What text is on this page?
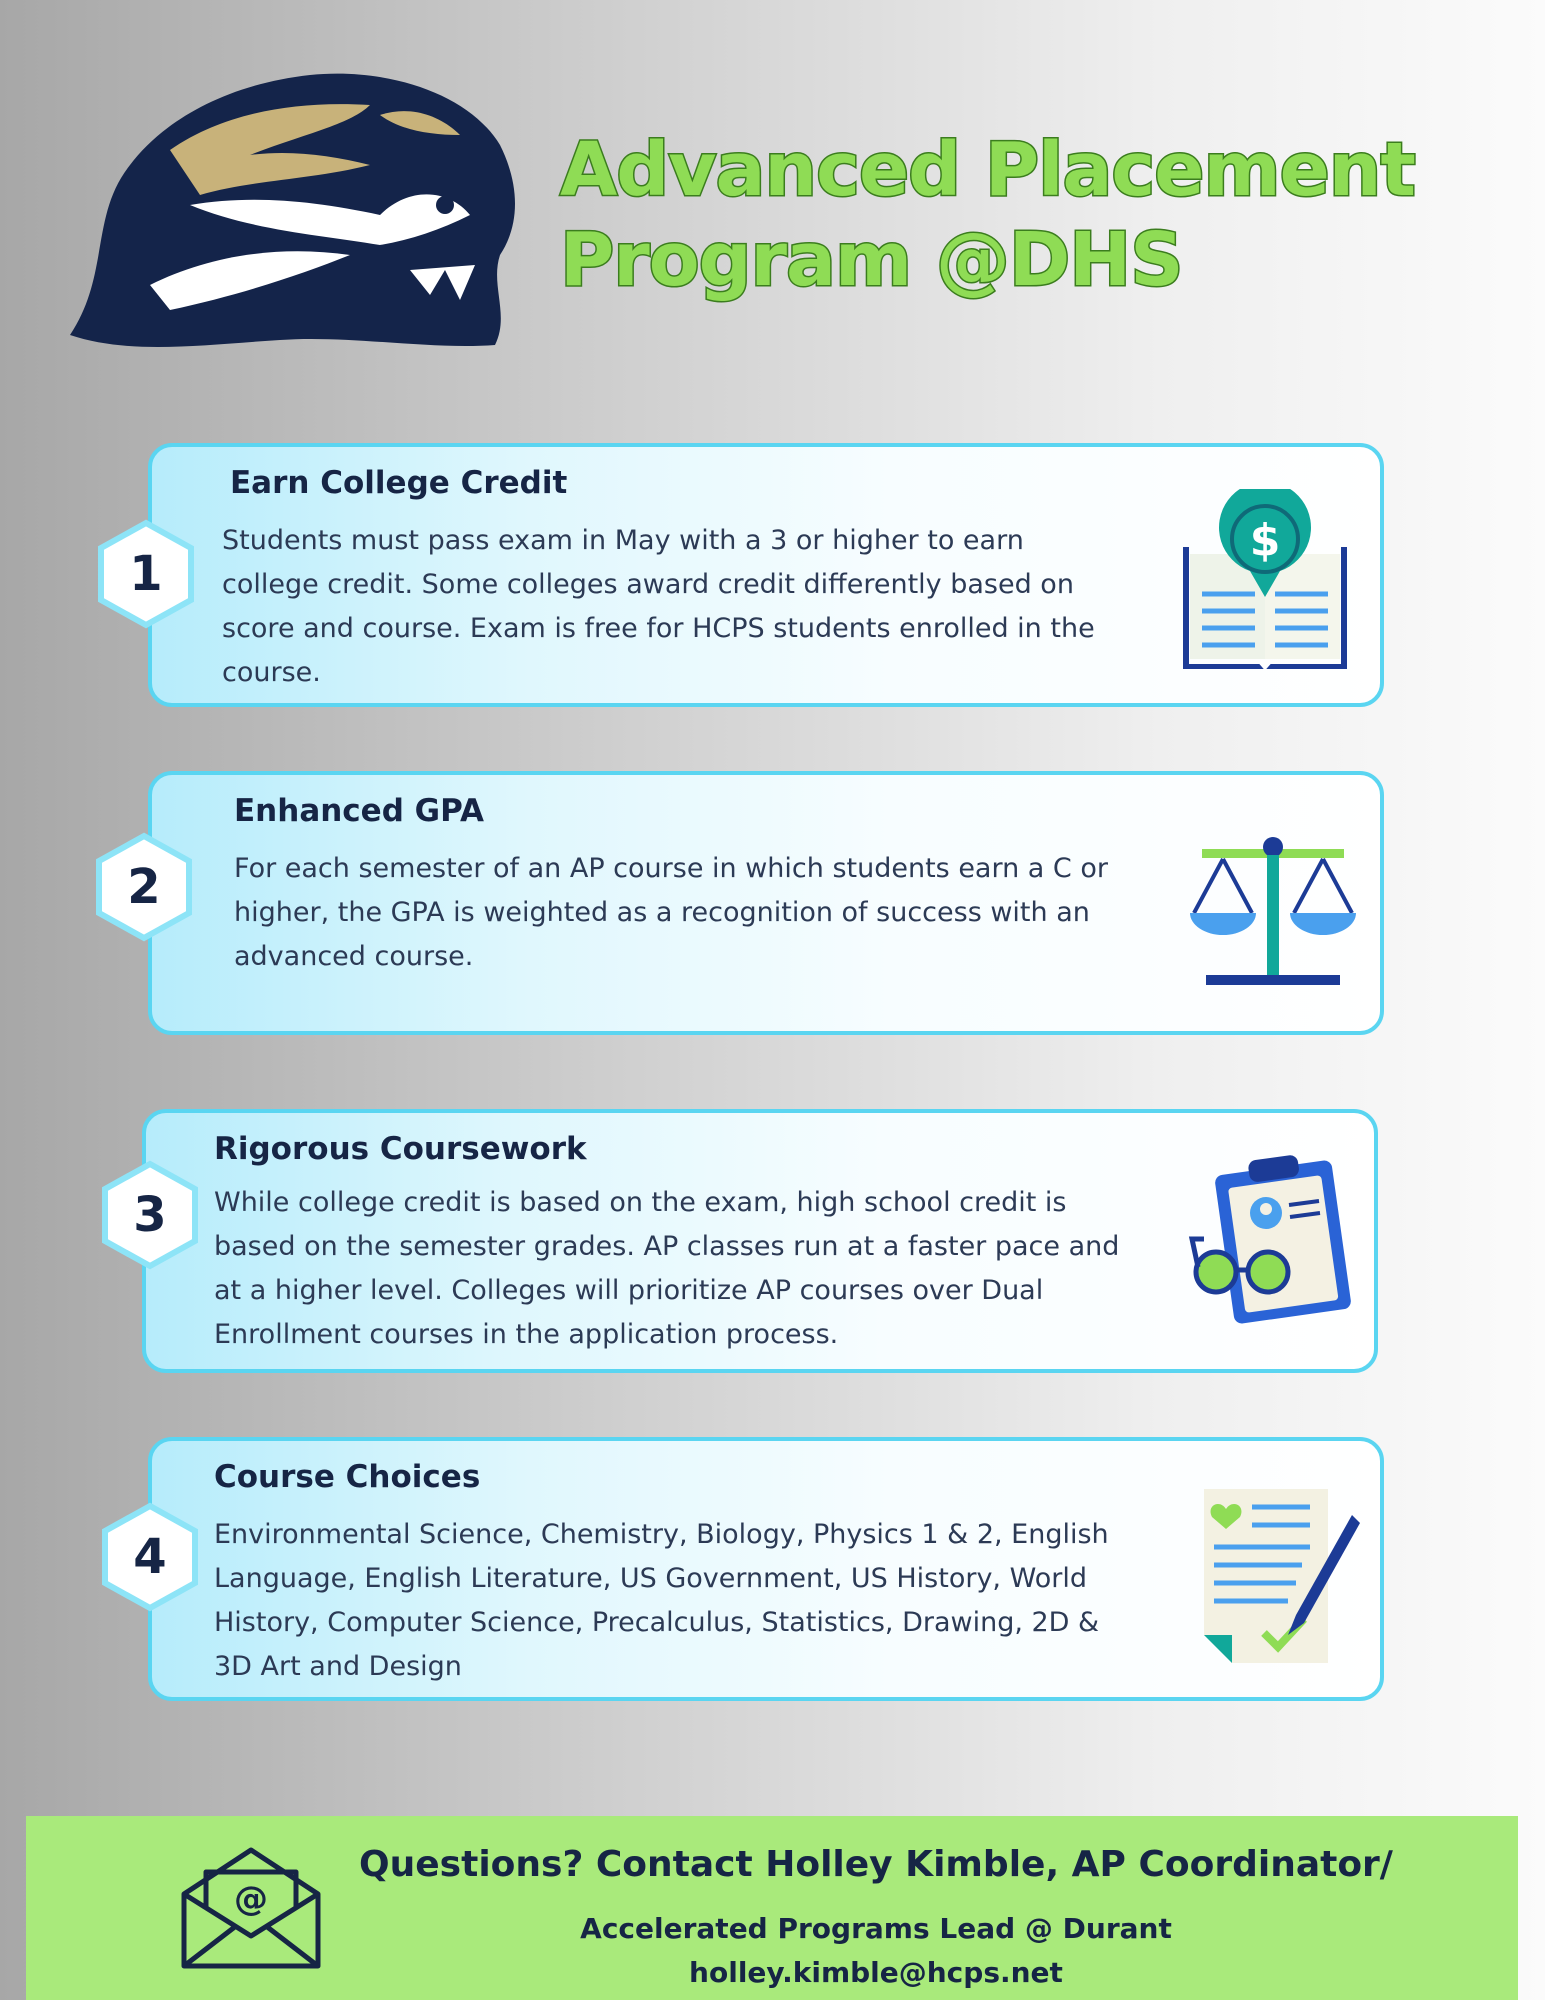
Advanced Placement
Program @DHS
Earn College Credit

Students must pass exam in May with a 3 or higher to earn college credit. Some colleges award credit differently based on score and course. Exam is free for HCPS students enrolled in the course.

$
1
Enhanced GPA

For each semester of an AP course in which students earn a C or higher, the GPA is weighted as a recognition of success with an advanced course.

2
Rigorous Coursework

While college credit is based on the exam, high school credit is based on the semester grades. AP classes run at a faster pace and at a higher level. Colleges will prioritize AP courses over Dual Enrollment courses in the application process.

3
Course Choices

Environmental Science, Chemistry, Biology, Physics 1 & 2, English Language, English Literature, US Government, US History, World History, Computer Science, Precalculus, Statistics, Drawing, 2D & 3D Art and Design

4
@

Questions? Contact Holley Kimble, AP Coordinator/

Accelerated Programs Lead @ Durant

holley.kimble@hcps.net
